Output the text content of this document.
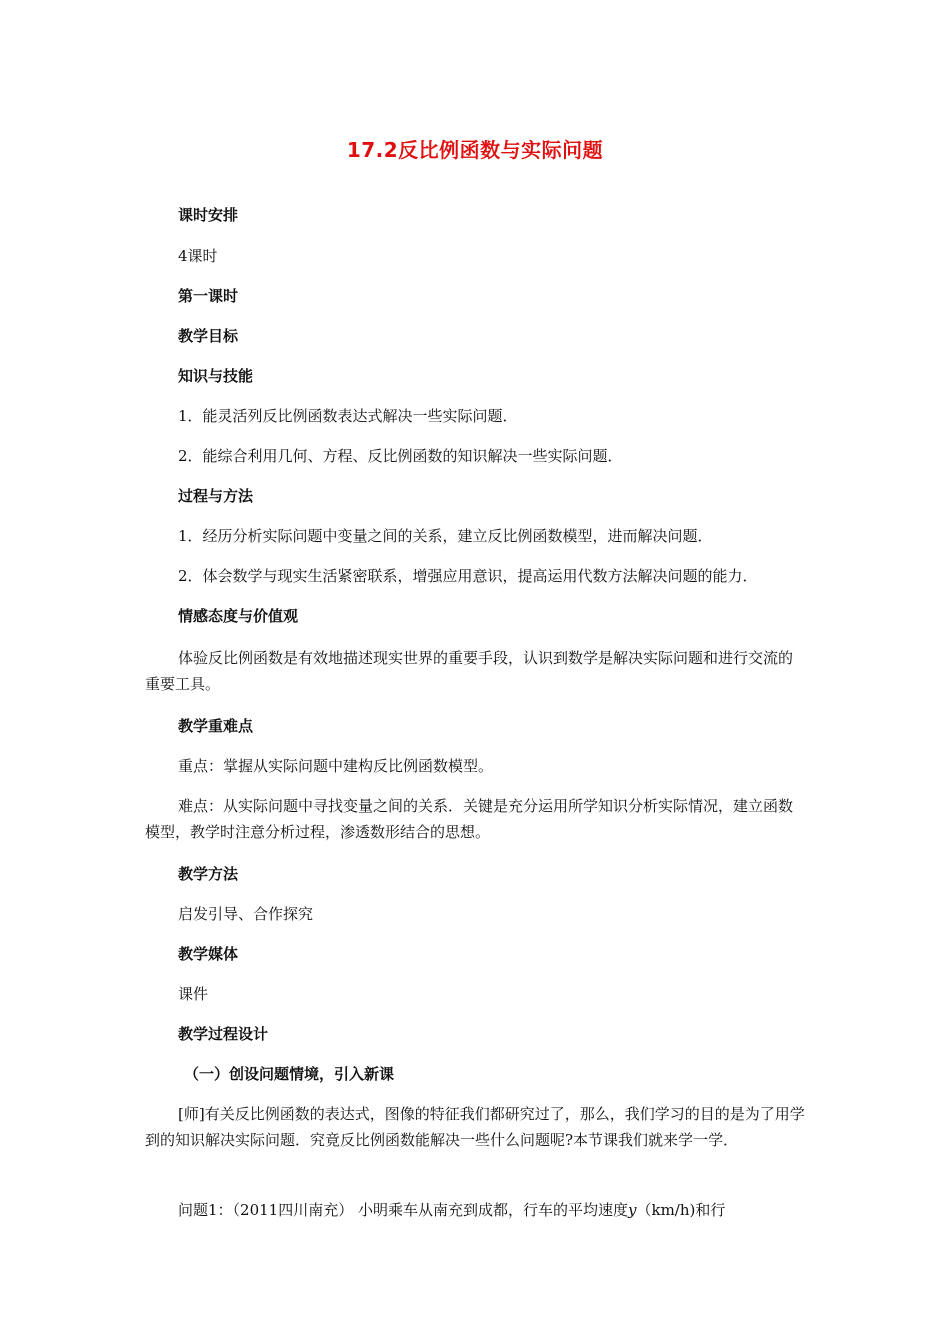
17.2反比例函数与实际问题
课时安排
4课时
第一课时
教学目标
知识与技能
1．能灵活列反比例函数表达式解决一些实际问题．
2．能综合利用几何、方程、反比例函数的知识解决一些实际问题．
过程与方法
1．经历分析实际问题中变量之间的关系，建立反比例函数模型，进而解决问题．
2．体会数学与现实生活紧密联系，增强应用意识，提高运用代数方法解决问题的能力．
情感态度与价值观
体验反比例函数是有效地描述现实世界的重要手段，认识到数学是解决实际问题和进行交流的重要工具。
教学重难点
重点：掌握从实际问题中建构反比例函数模型。
难点：从实际问题中寻找变量之间的关系．关键是充分运用所学知识分析实际情况，建立函数模型，教学时注意分析过程，渗透数形结合的思想。
教学方法
启发引导、合作探究
教学媒体
课件
教学过程设计
（一）创设问题情境，引入新课
[师]有关反比例函数的表达式，图像的特征我们都研究过了，那么，我们学习的目的是为了用学到的知识解决实际问题．究竟反比例函数能解决一些什么问题呢?本节课我们就来学一学．
问题1：（2011四川南充） 小明乘车从南充到成都，行车的平均速度y（km/h)和行
